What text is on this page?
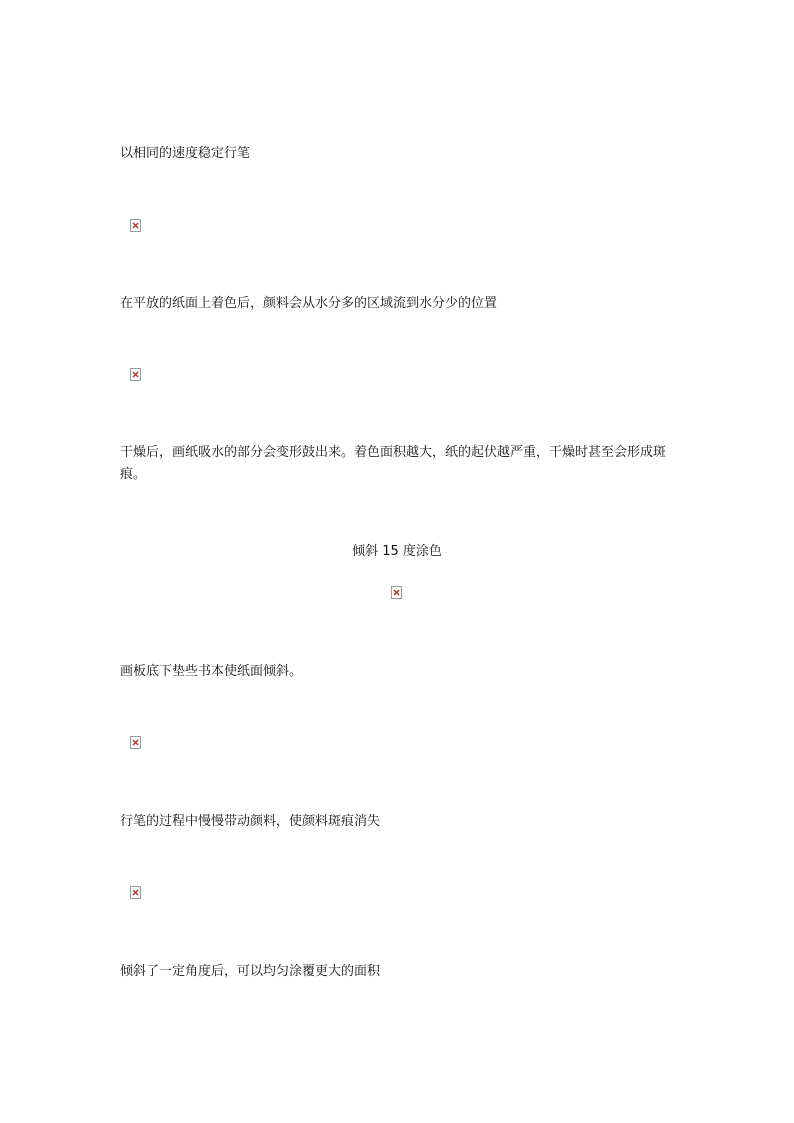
以相同的速度稳定行笔
在平放的纸面上着色后，颜料会从水分多的区域流到水分少的位置
干燥后，画纸吸水的部分会变形鼓出来。着色面积越大，纸的起伏越严重，干燥时甚至会形成斑痕。
倾斜 15 度涂色
画板底下垫些书本使纸面倾斜。
行笔的过程中慢慢带动颜料，使颜料斑痕消失
倾斜了一定角度后，可以均匀涂覆更大的面积
